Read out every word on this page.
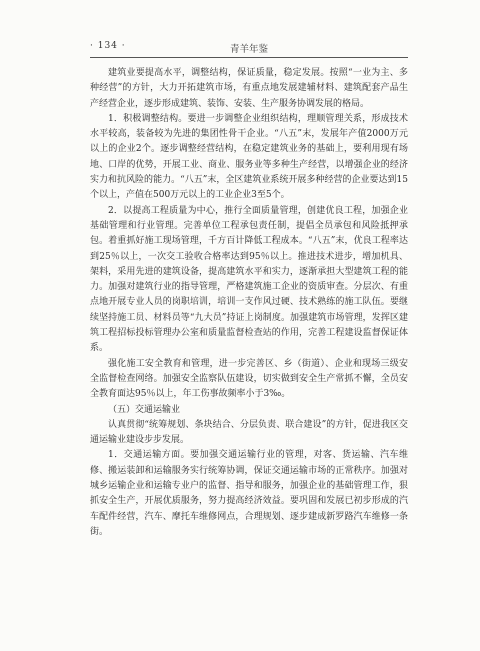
· 134 ·	青羊年鉴

建筑业要提高水平，调整结构，保证质量，稳定发展。按照“一业为主、多种经营”的方针，大力开拓建筑市场，有重点地发展建辅材料、建筑配套产品生产经营企业，逐步形成建筑、装饰、安装、生产服务协调发展的格局。

1．积极调整结构。要进一步调整企业组织结构，理顺管理关系，形成技术水平较高，装备较为先进的集团性骨干企业。“八五”末，发展年产值2000万元以上的企业2个。逐步调整经营结构，在稳定建筑业务的基础上，要利用现有场地、口岸的优势，开展工业、商业、服务业等多种生产经营，以增强企业的经济实力和抗风险的能力。“八五”末，全区建筑业系统开展多种经营的企业要达到15个以上，产值在500万元以上的工业企业3至5个。

2．以提高工程质量为中心，推行全面质量管理，创建优良工程，加强企业基础管理和行业管理。完善单位工程承包责任制，提倡全员承包和风险抵押承包。着重抓好施工现场管理，千方百计降低工程成本。“八五”末，优良工程率达到25％以上，一次交工验收合格率达到95％以上。推进技术进步，增加机具、架料，采用先进的建筑设备，提高建筑水平和实力，逐渐承担大型建筑工程的能力。加强对建筑行业的指导管理，严格建筑施工企业的资质审查。分层次、有重点地开展专业人员的岗职培训，培训一支作风过硬、技术熟练的施工队伍。要继续坚持施工员、材料员等“九大员”持证上岗制度。加强建筑市场管理，发挥区建筑工程招标投标管理办公室和质量监督检查站的作用，完善工程建设监督保证体系。

强化施工安全教育和管理，进一步完善区、乡（街道）、企业和现场三级安全监督检查网络。加强安全监察队伍建设，切实做到安全生产常抓不懈，全员安全教育面达95％以上，年工伤事故频率小于3‰。

（五）交通运输业

认真贯彻“统筹规划、条块结合、分层负责、联合建设”的方针，促进我区交通运输业建设步步发展。

1．交通运输方面。要加强交通运输行业的管理，对客、货运输、汽车维修、搬运装卸和运输服务实行统筹协调，保证交通运输市场的正常秩序。加强对城乡运输企业和运输专业户的监督、指导和服务，加强企业的基础管理工作，狠抓安全生产，开展优质服务，努力提高经济效益。要巩固和发展已初步形成的汽车配件经营，汽车、摩托车维修网点，合理规划、逐步建成新罗路汽车维修一条街。
